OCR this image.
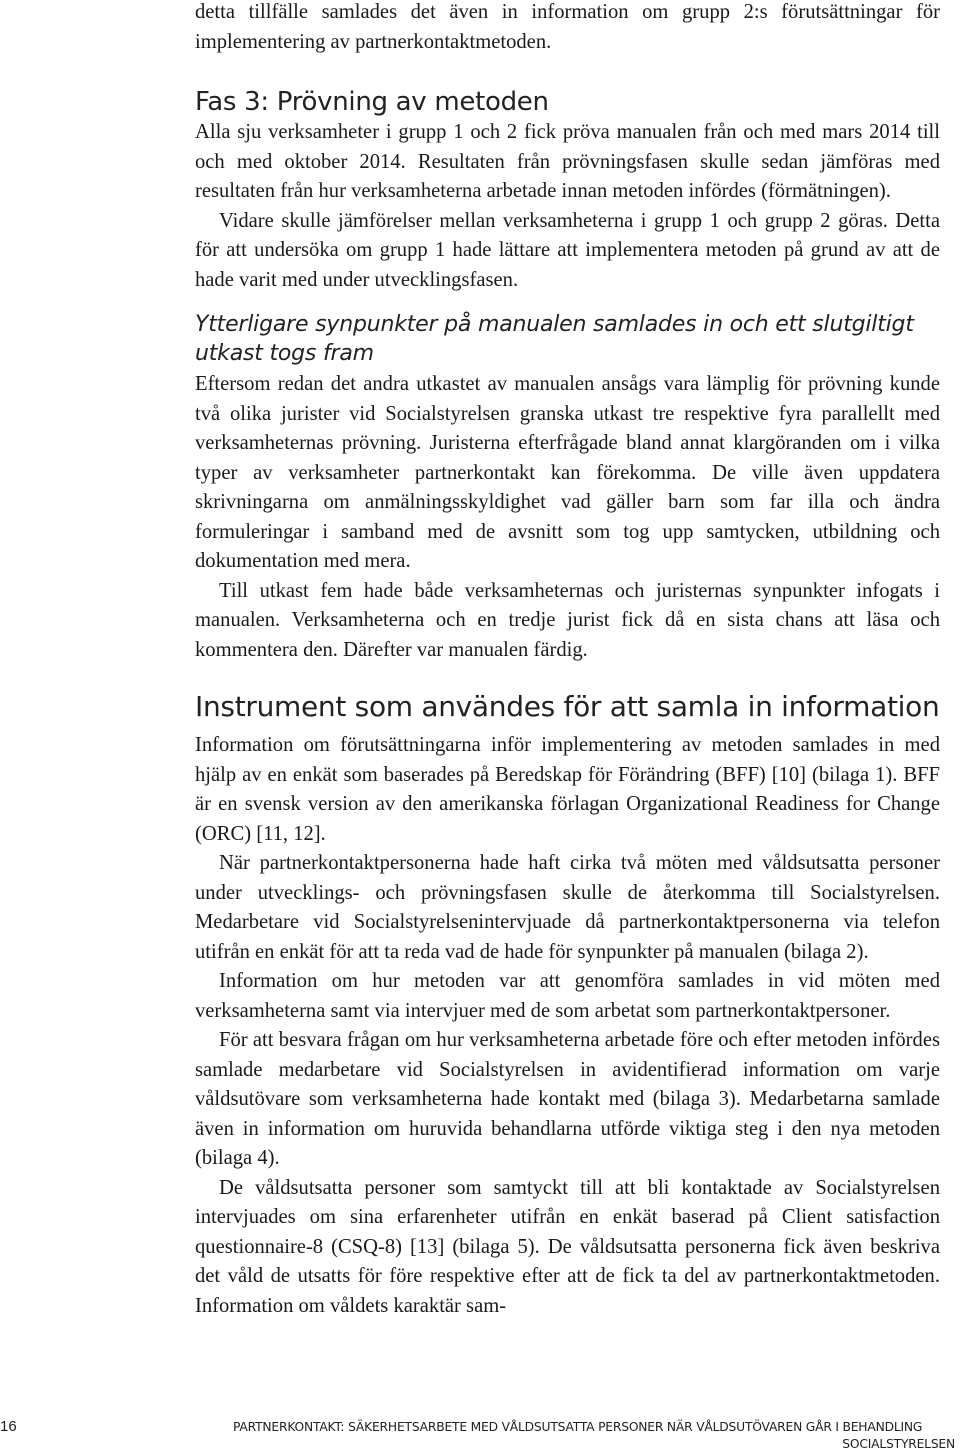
detta tillfälle samlades det även in information om grupp 2:s förutsättningar för implementering av partnerkontaktmetoden.

Fas 3: Prövning av metoden

Alla sju verksamheter i grupp 1 och 2 fick pröva manualen från och med mars 2014 till och med oktober 2014. Resultaten från prövningsfasen skulle sedan jämföras med resultaten från hur verksamheterna arbetade innan metoden infördes (förmätningen).

Vidare skulle jämförelser mellan verksamheterna i grupp 1 och grupp 2 göras. Detta för att undersöka om grupp 1 hade lättare att implementera metoden på grund av att de hade varit med under utvecklingsfasen.

Ytterligare synpunkter på manualen samlades in och ett slutgiltigt utkast togs fram

Eftersom redan det andra utkastet av manualen ansågs vara lämplig för prövning kunde två olika jurister vid Socialstyrelsen granska utkast tre respektive fyra parallellt med verksamheternas prövning. Juristerna efterfrågade bland annat klargöranden om i vilka typer av verksamheter partnerkontakt kan förekomma. De ville även uppdatera skrivningarna om anmälningsskyldighet vad gäller barn som far illa och ändra formuleringar i samband med de avsnitt som tog upp samtycken, utbildning och dokumentation med mera.

Till utkast fem hade både verksamheternas och juristernas synpunkter infogats i manualen. Verksamheterna och en tredje jurist fick då en sista chans att läsa och kommentera den. Därefter var manualen färdig.

Instrument som användes för att samla in information

Information om förutsättningarna inför implementering av metoden samlades in med hjälp av en enkät som baserades på Beredskap för Förändring (BFF) [10] (bilaga 1). BFF är en svensk version av den amerikanska förlagan Organizational Readiness for Change (ORC) [11, 12].

När partnerkontaktpersonerna hade haft cirka två möten med våldsutsatta personer under utvecklings- och prövningsfasen skulle de återkomma till Socialstyrelsen. Medarbetare vid Socialstyrelsenintervjuade då partnerkontaktpersonerna via telefon utifrån en enkät för att ta reda vad de hade för synpunkter på manualen (bilaga 2).

Information om hur metoden var att genomföra samlades in vid möten med verksamheterna samt via intervjuer med de som arbetat som partnerkontaktpersoner.

För att besvara frågan om hur verksamheterna arbetade före och efter metoden infördes samlade medarbetare vid Socialstyrelsen in avidentifierad information om varje våldsutövare som verksamheterna hade kontakt med (bilaga 3). Medarbetarna samlade även in information om huruvida behandlarna utförde viktiga steg i den nya metoden (bilaga 4).

De våldsutsatta personer som samtyckt till att bli kontaktade av Socialstyrelsen intervjuades om sina erfarenheter utifrån en enkät baserad på Client satisfaction questionnaire-8 (CSQ-8) [13] (bilaga 5). De våldsutsatta personerna fick även beskriva det våld de utsatts för före respektive efter att de fick ta del av partnerkontaktmetoden. Information om våldets karaktär sam-

16	PARTNERKONTAKT: SÄKERHETSARBETE MED VÅLDSUTSATTA PERSONER NÄR VÅLDSUTÖVAREN GÅR I BEHANDLING
SOCIALSTYRELSEN
